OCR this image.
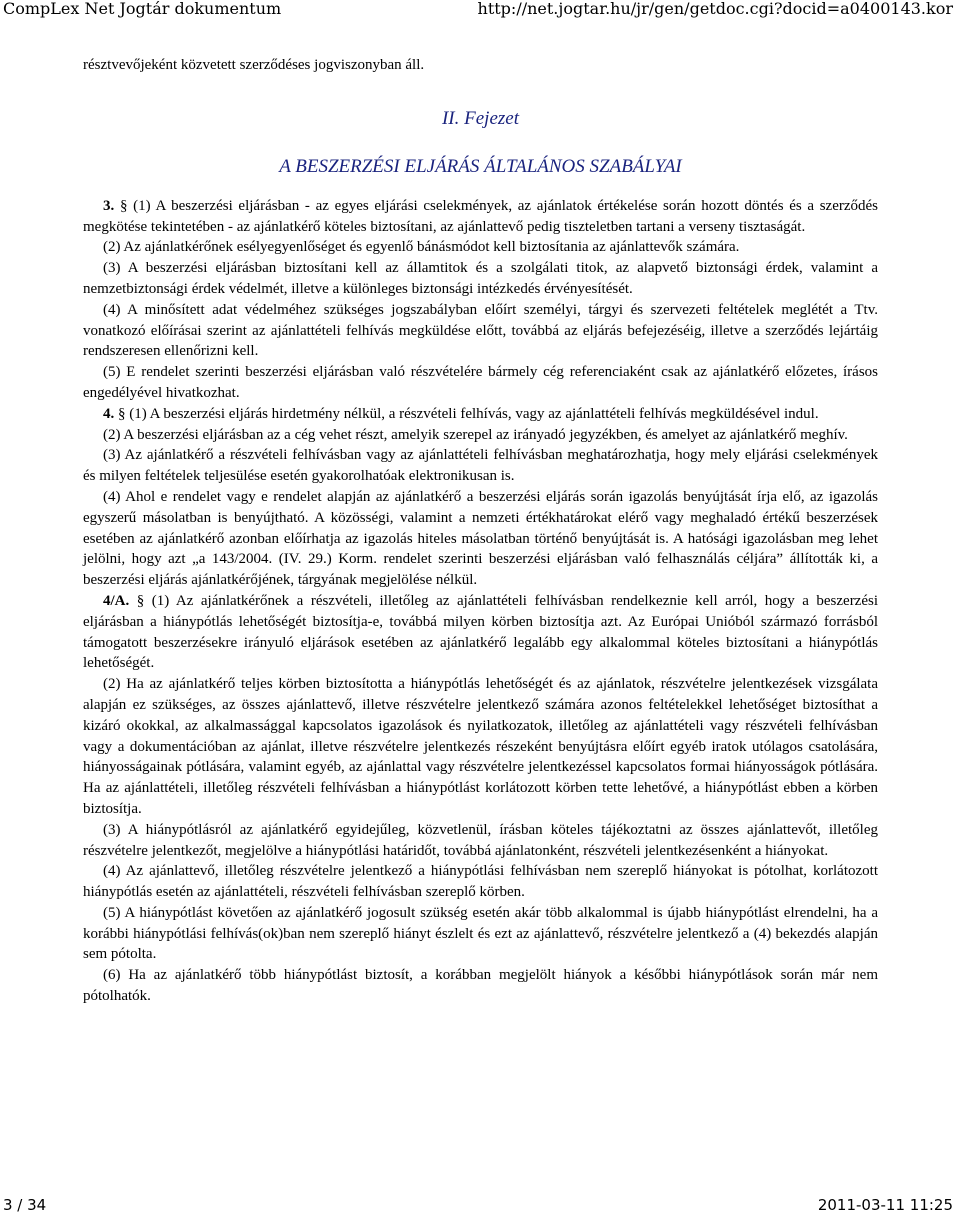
CompLex Net Jogtár dokumentum	http://net.jogtar.hu/jr/gen/getdoc.cgi?docid=a0400143.kor

résztvevőjeként közvetett szerződéses jogviszonyban áll.

II. Fejezet

A BESZERZÉSI ELJÁRÁS ÁLTALÁNOS SZABÁLYAI

3. § (1) A beszerzési eljárásban - az egyes eljárási cselekmények, az ajánlatok értékelése során hozott döntés és a szerződés megkötése tekintetében - az ajánlatkérő köteles biztosítani, az ajánlattevő pedig tiszteletben tartani a verseny tisztaságát.

(2) Az ajánlatkérőnek esélyegyenlőséget és egyenlő bánásmódot kell biztosítania az ajánlattevők számára.

(3) A beszerzési eljárásban biztosítani kell az államtitok és a szolgálati titok, az alapvető biztonsági érdek, valamint a nemzetbiztonsági érdek védelmét, illetve a különleges biztonsági intézkedés érvényesítését.

(4) A minősített adat védelméhez szükséges jogszabályban előírt személyi, tárgyi és szervezeti feltételek meglétét a Ttv. vonatkozó előírásai szerint az ajánlattételi felhívás megküldése előtt, továbbá az eljárás befejezéséig, illetve a szerződés lejártáig rendszeresen ellenőrizni kell.

(5) E rendelet szerinti beszerzési eljárásban való részvételére bármely cég referenciaként csak az ajánlatkérő előzetes, írásos engedélyével hivatkozhat.

4. § (1) A beszerzési eljárás hirdetmény nélkül, a részvételi felhívás, vagy az ajánlattételi felhívás megküldésével indul.

(2) A beszerzési eljárásban az a cég vehet részt, amelyik szerepel az irányadó jegyzékben, és amelyet az ajánlatkérő meghív.

(3) Az ajánlatkérő a részvételi felhívásban vagy az ajánlattételi felhívásban meghatározhatja, hogy mely eljárási cselekmények és milyen feltételek teljesülése esetén gyakorolhatóak elektronikusan is.

(4) Ahol e rendelet vagy e rendelet alapján az ajánlatkérő a beszerzési eljárás során igazolás benyújtását írja elő, az igazolás egyszerű másolatban is benyújtható. A közösségi, valamint a nemzeti értékhatárokat elérő vagy meghaladó értékű beszerzések esetében az ajánlatkérő azonban előírhatja az igazolás hiteles másolatban történő benyújtását is. A hatósági igazolásban meg lehet jelölni, hogy azt „a 143/2004. (IV. 29.) Korm. rendelet szerinti beszerzési eljárásban való felhasználás céljára” állították ki, a beszerzési eljárás ajánlatkérőjének, tárgyának megjelölése nélkül.

4/A. § (1) Az ajánlatkérőnek a részvételi, illetőleg az ajánlattételi felhívásban rendelkeznie kell arról, hogy a beszerzési eljárásban a hiánypótlás lehetőségét biztosítja-e, továbbá milyen körben biztosítja azt. Az Európai Unióból származó forrásból támogatott beszerzésekre irányuló eljárások esetében az ajánlatkérő legalább egy alkalommal köteles biztosítani a hiánypótlás lehetőségét.

(2) Ha az ajánlatkérő teljes körben biztosította a hiánypótlás lehetőségét és az ajánlatok, részvételre jelentkezések vizsgálata alapján ez szükséges, az összes ajánlattevő, illetve részvételre jelentkező számára azonos feltételekkel lehetőséget biztosíthat a kizáró okokkal, az alkalmassággal kapcsolatos igazolások és nyilatkozatok, illetőleg az ajánlattételi vagy részvételi felhívásban vagy a dokumentációban az ajánlat, illetve részvételre jelentkezés részeként benyújtásra előírt egyéb iratok utólagos csatolására, hiányosságainak pótlására, valamint egyéb, az ajánlattal vagy részvételre jelentkezéssel kapcsolatos formai hiányosságok pótlására. Ha az ajánlattételi, illetőleg részvételi felhívásban a hiánypótlást korlátozott körben tette lehetővé, a hiánypótlást ebben a körben biztosítja.

(3) A hiánypótlásról az ajánlatkérő egyidejűleg, közvetlenül, írásban köteles tájékoztatni az összes ajánlattevőt, illetőleg részvételre jelentkezőt, megjelölve a hiánypótlási határidőt, továbbá ajánlatonként, részvételi jelentkezésenként a hiányokat.

(4) Az ajánlattevő, illetőleg részvételre jelentkező a hiánypótlási felhívásban nem szereplő hiányokat is pótolhat, korlátozott hiánypótlás esetén az ajánlattételi, részvételi felhívásban szereplő körben.

(5) A hiánypótlást követően az ajánlatkérő jogosult szükség esetén akár több alkalommal is újabb hiánypótlást elrendelni, ha a korábbi hiánypótlási felhívás(ok)ban nem szereplő hiányt észlelt és ezt az ajánlattevő, részvételre jelentkező a (4) bekezdés alapján sem pótolta.

(6) Ha az ajánlatkérő több hiánypótlást biztosít, a korábban megjelölt hiányok a későbbi hiánypótlások során már nem pótolhatók.

3 / 34	2011-03-11 11:25
